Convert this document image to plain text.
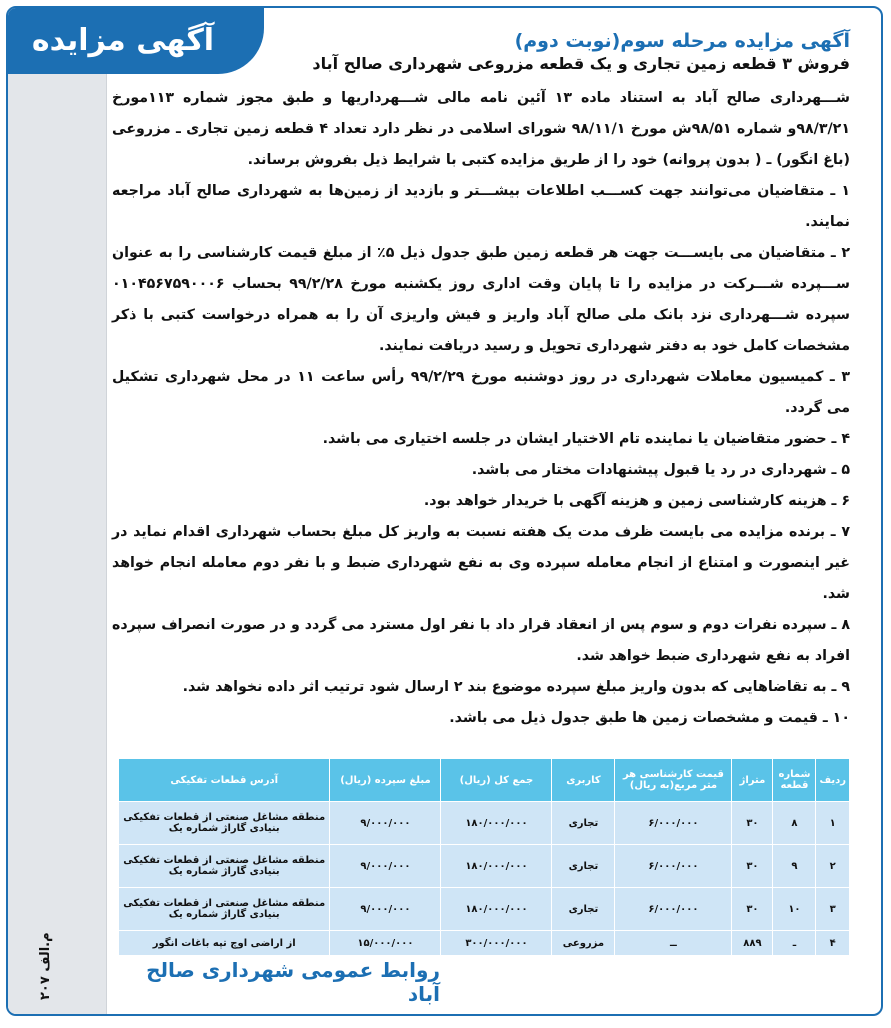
آگهی مزایده
م.الف ۲۰۷
آگهی مزایده مرحله سوم(نوبت دوم)
فروش ۳ قطعه زمین تجاری و یک قطعه مزروعی شهرداری صالح آباد

شـــهرداری صالح آباد به استناد ماده ۱۳ آئین نامه مالی شـــهرداریها و طبق مجوز شماره ۱۱۳مورخ ۹۸/۳/۲۱و شماره ۹۸/۵۱ش مورخ ۹۸/۱۱/۱ شورای اسلامی در نظر دارد تعداد ۴ قطعه زمین تجاری ـ مزروعی (باغ انگور) ـ ( بدون پروانه) خود را از طریق مزایده کتبی با شرایط ذیل بفروش برساند.

۱ ـ متقاضیان می‌توانند جهت کســـب اطلاعات بیشـــتر و بازدید از زمین‌ها به شهرداری صالح آباد مراجعه نمایند.

۲ ـ متقاضیان می بایســـت جهت هر قطعه زمین طبق جدول ذیل ۵٪ از مبلغ قیمت کارشناسی را به عنوان ســـپرده شـــرکت در مزایده را تا پایان وقت اداری روز یکشنبه مورخ ۹۹/۲/۲۸ بحساب ۰۱۰۴۵۶۷۵۹۰۰۰۶ سپرده شـــهرداری نزد بانک ملی صالح آباد واریز و فیش واریزی آن را به همراه درخواست کتبی با ذکر مشخصات کامل خود به دفتر شهرداری تحویل و رسید دریافت نمایند.

۳ ـ کمیسیون معاملات شهرداری در روز دوشنبه مورخ ۹۹/۲/۲۹ رأس ساعت ۱۱ در محل شهرداری تشکیل می گردد.

۴ ـ حضور متقاضیان یا نماینده تام الاختیار ایشان در جلسه اختیاری می باشد.

۵ ـ شهرداری در رد یا قبول پیشنهادات مختار می باشد.

۶ ـ هزینه کارشناسی زمین و هزینه آگهی با خریدار خواهد بود.

۷ ـ برنده مزایده می بایست ظرف مدت یک هفته نسبت به واریز کل مبلغ بحساب شهرداری اقدام نماید در غیر اینصورت و امتناع از انجام معامله سپرده وی به نفع شهرداری ضبط و با نفر دوم معامله انجام خواهد شد.

۸ ـ سپرده نفرات دوم و سوم پس از انعقاد قرار داد با نفر اول مسترد می گردد و در صورت انصراف سپرده افراد به نفع شهرداری ضبط خواهد شد.

۹ ـ به تقاضاهایی که بدون واریز مبلغ سپرده موضوع بند ۲ ارسال شود ترتیب اثر داده نخواهد شد.

۱۰ ـ قیمت و مشخصات زمین ها طبق جدول ذیل می باشد.

ردیف	شماره قطعه	متراژ	قیمت کارشناسی هر متر مربع(به ریال)	کاربری	جمع کل (ریال)	مبلغ سپرده (ریال)	آدرس قطعات تفکیکی
۱	۸	۳۰	۶/۰۰۰/۰۰۰	تجاری	۱۸۰/۰۰۰/۰۰۰	۹/۰۰۰/۰۰۰	منطقه مشاغل صنعتی از قطعات تفکیکی بنیادی گاراژ شماره یک
۲	۹	۳۰	۶/۰۰۰/۰۰۰	تجاری	۱۸۰/۰۰۰/۰۰۰	۹/۰۰۰/۰۰۰	منطقه مشاغل صنعتی از قطعات تفکیکی بنیادی گاراژ شماره یک
۳	۱۰	۳۰	۶/۰۰۰/۰۰۰	تجاری	۱۸۰/۰۰۰/۰۰۰	۹/۰۰۰/۰۰۰	منطقه مشاغل صنعتی از قطعات تفکیکی بنیادی گاراژ شماره یک
۴	ـ	۸۸۹	ــ	مزروعی	۳۰۰/۰۰۰/۰۰۰	۱۵/۰۰۰/۰۰۰	از اراضی اوچ تپه باغات انگور
روابط عمومی شهرداری صالح آباد
